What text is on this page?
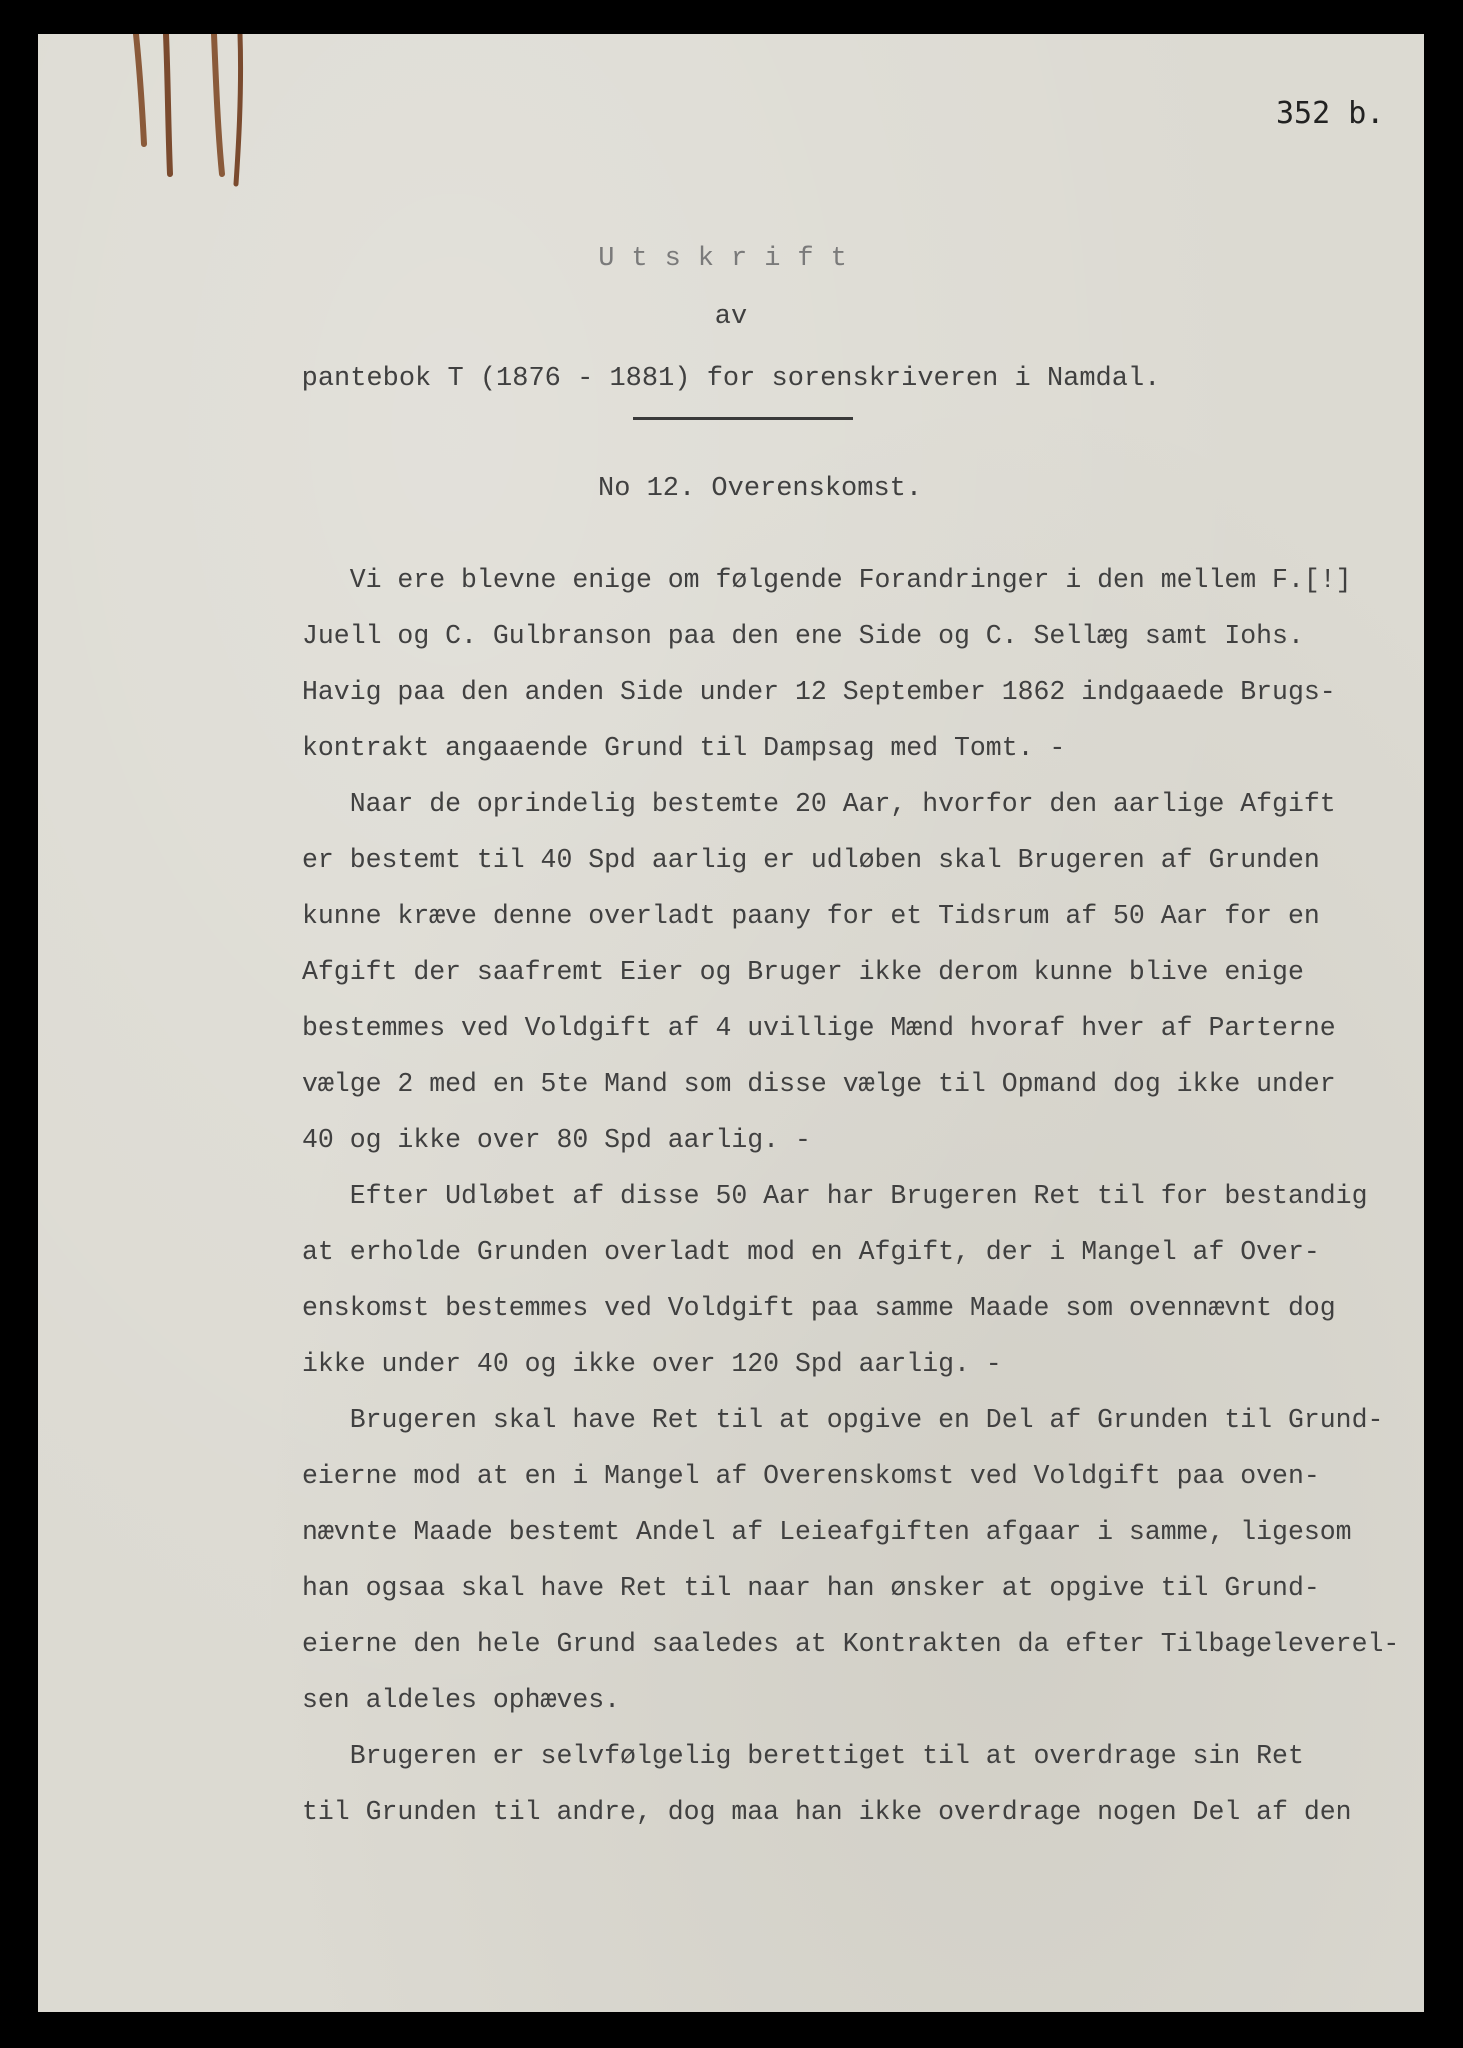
352 b.
Utskrift
av
pantebok T (1876 - 1881) for sorenskriveren i Namdal.
No 12. Overenskomst.
Vi ere blevne enige om følgende Forandringer i den mellem F.[!]
Juell og C. Gulbranson paa den ene Side og C. Sellæg samt Iohs.
Havig paa den anden Side under 12 September 1862 indgaaede Brugs-
kontrakt angaaende Grund til Dampsag med Tomt. -
Naar de oprindelig bestemte 20 Aar, hvorfor den aarlige Afgift
er bestemt til 40 Spd aarlig er udløben skal Brugeren af Grunden
kunne kræve denne overladt paany for et Tidsrum af 50 Aar for en
Afgift der saafremt Eier og Bruger ikke derom kunne blive enige
bestemmes ved Voldgift af 4 uvillige Mænd hvoraf hver af Parterne
vælge 2 med en 5te Mand som disse vælge til Opmand dog ikke under
40 og ikke over 80 Spd aarlig. -
Efter Udløbet af disse 50 Aar har Brugeren Ret til for bestandig
at erholde Grunden overladt mod en Afgift, der i Mangel af Over-
enskomst bestemmes ved Voldgift paa samme Maade som ovennævnt dog
ikke under 40 og ikke over 120 Spd aarlig. -
Brugeren skal have Ret til at opgive en Del af Grunden til Grund-
eierne mod at en i Mangel af Overenskomst ved Voldgift paa oven-
nævnte Maade bestemt Andel af Leieafgiften afgaar i samme, ligesom
han ogsaa skal have Ret til naar han ønsker at opgive til Grund-
eierne den hele Grund saaledes at Kontrakten da efter Tilbageleverel-
sen aldeles ophæves.
Brugeren er selvfølgelig berettiget til at overdrage sin Ret
til Grunden til andre, dog maa han ikke overdrage nogen Del af den
